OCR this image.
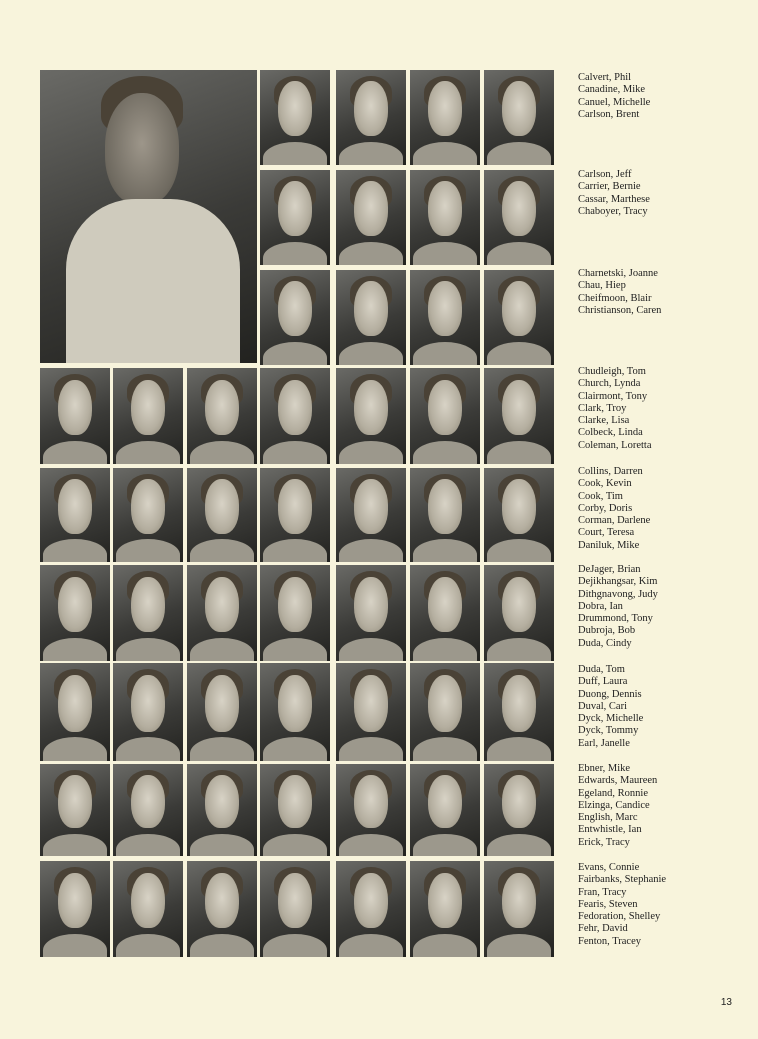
Calvert, Phil
Canadine, Mike
Canuel, Michelle
Carlson, Brent
Carlson, Jeff
Carrier, Bernie
Cassar, Marthese
Chaboyer, Tracy
Charnetski, Joanne
Chau, Hiep
Cheifmoon, Blair
Christianson, Caren
Chudleigh, Tom
Church, Lynda
Clairmont, Tony
Clark, Troy
Clarke, Lisa
Colbeck, Linda
Coleman, Loretta
Collins, Darren
Cook, Kevin
Cook, Tim
Corby, Doris
Corman, Darlene
Court, Teresa
Daniluk, Mike
DeJager, Brian
Dejikhangsar, Kim
Dithgnavong, Judy
Dobra, Ian
Drummond, Tony
Dubroja, Bob
Duda, Cindy
Duda, Tom
Duff, Laura
Duong, Dennis
Duval, Cari
Dyck, Michelle
Dyck, Tommy
Earl, Janelle
Ebner, Mike
Edwards, Maureen
Egeland, Ronnie
Elzinga, Candice
English, Marc
Entwhistle, Ian
Erick, Tracy
Evans, Connie
Fairbanks, Stephanie
Fran, Tracy
Fearis, Steven
Fedoration, Shelley
Fehr, David
Fenton, Tracey
13
